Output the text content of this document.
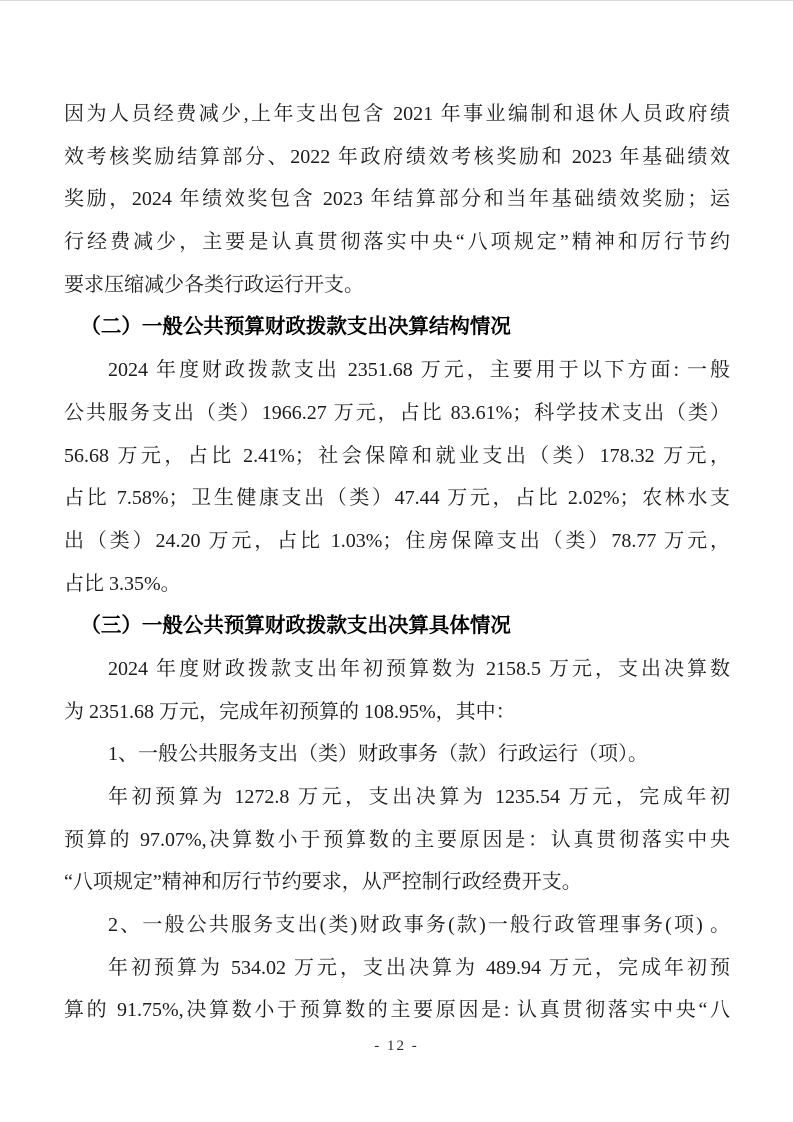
因为人员经费减少,上年支出包含 2021 年事业编制和退休人员政府绩
效考核奖励结算部分、2022 年政府绩效考核奖励和 2023 年基础绩效
奖励，2024 年绩效奖包含 2023 年结算部分和当年基础绩效奖励；运
行经费减少，主要是认真贯彻落实中央“八项规定”精神和厉行节约
要求压缩减少各类行政运行开支。
（二）一般公共预算财政拨款支出决算结构情况
2024 年度财政拨款支出 2351.68 万元，主要用于以下方面: 一般
公共服务支出（类）1966.27 万元，占比 83.61%；科学技术支出（类）
56.68 万元，占比 2.41%；社会保障和就业支出（类）178.32 万元，
占比 7.58%；卫生健康支出（类）47.44 万元，占比 2.02%；农林水支
出（类）24.20 万元，占比 1.03%；住房保障支出（类）78.77 万元，
占比 3.35%。
（三）一般公共预算财政拨款支出决算具体情况
2024 年度财政拨款支出年初预算数为 2158.5 万元，支出决算数
为 2351.68 万元，完成年初预算的 108.95%，其中：
1、一般公共服务支出（类）财政事务（款）行政运行（项）。
年初预算为 1272.8 万元，支出决算为 1235.54 万元，完成年初
预算的 97.07%,决算数小于预算数的主要原因是：认真贯彻落实中央
“八项规定”精神和厉行节约要求，从严控制行政经费开支。
2、一般公共服务支出(类)财政事务(款)一般行政管理事务(项) 。
年初预算为 534.02 万元，支出决算为 489.94 万元，完成年初预
算的 91.75%,决算数小于预算数的主要原因是: 认真贯彻落实中央“八
- 12 -
